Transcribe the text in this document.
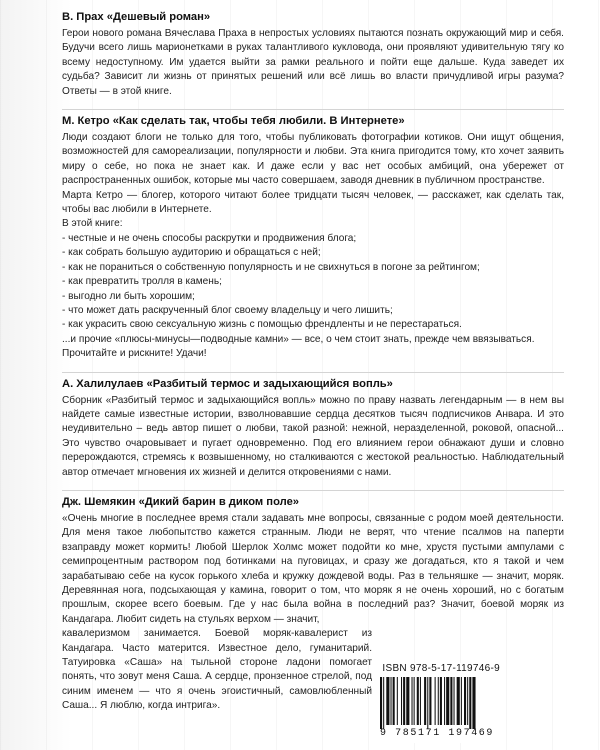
В. Прах «Дешевый роман»

Герои нового романа Вячеслава Праха в непростых условиях пытаются познать окружающий мир и себя. Будучи всего лишь марионетками в руках талантливого кукловода, они проявляют удивительную тягу ко всему недоступному. Им удается выйти за рамки реального и пойти еще дальше. Куда заведет их судьба? Зависит ли жизнь от принятых решений или всё лишь во власти причудливой игры разума? Ответы — в этой книге.

М. Кетро «Как сделать так, чтобы тебя любили. В Интернете»

Люди создают блоги не только для того, чтобы публиковать фотографии котиков. Они ищут общения, возможностей для самореализации, популярности и любви. Эта книга пригодится тому, кто хочет заявить миру о себе, но пока не знает как. И даже если у вас нет особых амбиций, она убережет от распространенных ошибок, которые мы часто совершаем, заводя дневник в публичном пространстве.

Марта Кетро — блогер, которого читают более тридцати тысяч человек, — расскажет, как сделать так, чтобы вас любили в Интернете.

В этой книге:

- честные и не очень способы раскрутки и продвижения блога;
- как собрать большую аудиторию и обращаться с ней;
- как не пораниться о собственную популярность и не свихнуться в погоне за рейтингом;
- как превратить тролля в камень;
- выгодно ли быть хорошим;
- что может дать раскрученный блог своему владельцу и чего лишить;
- как украсить свою сексуальную жизнь с помощью френдленты и не перестараться.

...и прочие «плюсы-минусы—подводные камни» — все, о чем стоит знать, прежде чем ввязываться.

Прочитайте и рискните! Удачи!

А. Халилулаев «Разбитый термос и задыхающийся вопль»

Сборник «Разбитый термос и задыхающийся вопль» можно по праву назвать легендарным — в нем вы найдете самые известные истории, взволновавшие сердца десятков тысяч подписчиков Анвара. И это неудивительно – ведь автор пишет о любви, такой разной: нежной, неразделенной, роковой, опасной... Это чувство очаровывает и пугает одновременно. Под его влиянием герои обнажают души и словно перерождаются, стремясь к возвышенному, но сталкиваются с жестокой реальностью. Наблюдательный автор отмечает мгновения их жизней и делится откровениями с нами.

Дж. Шемякин «Дикий барин в диком поле»

«Очень многие в последнее время стали задавать мне вопросы, связанные с родом моей деятельности. Для меня такое любопытство кажется странным. Люди не верят, что чтение псалмов на паперти взаправду может кормить! Любой Шерлок Холмс может подойти ко мне, хрустя пустыми ампулами с семипроцентным раствором под ботинками на пуговицах, и сразу же догадаться, кто я такой и чем зарабатываю себе на кусок горького хлеба и кружку дождевой воды. Раз в тельняшке — значит, моряк. Деревянная нога, подсыхающая у камина, говорит о том, что моряк я не очень хороший, но с богатым прошлым, скорее всего боевым. Где у нас была война в последний раз? Значит, боевой моряк из Кандагара. Любит сидеть на стульях верхом — значит,

кавалеризмом занимается. Боевой моряк-кавалерист из Кандагара. Часто матерится. Известное дело, гуманитарий. Татуировка «Саша» на тыльной стороне ладони помогает понять, что зовут меня Саша. А сердце, пронзенное стрелой, под синим именем — что я очень эгоистичный, самовлюбленный Саша... Я люблю, когда интрига».

ISBN 978-5-17-119746-9

9 785171 197469
